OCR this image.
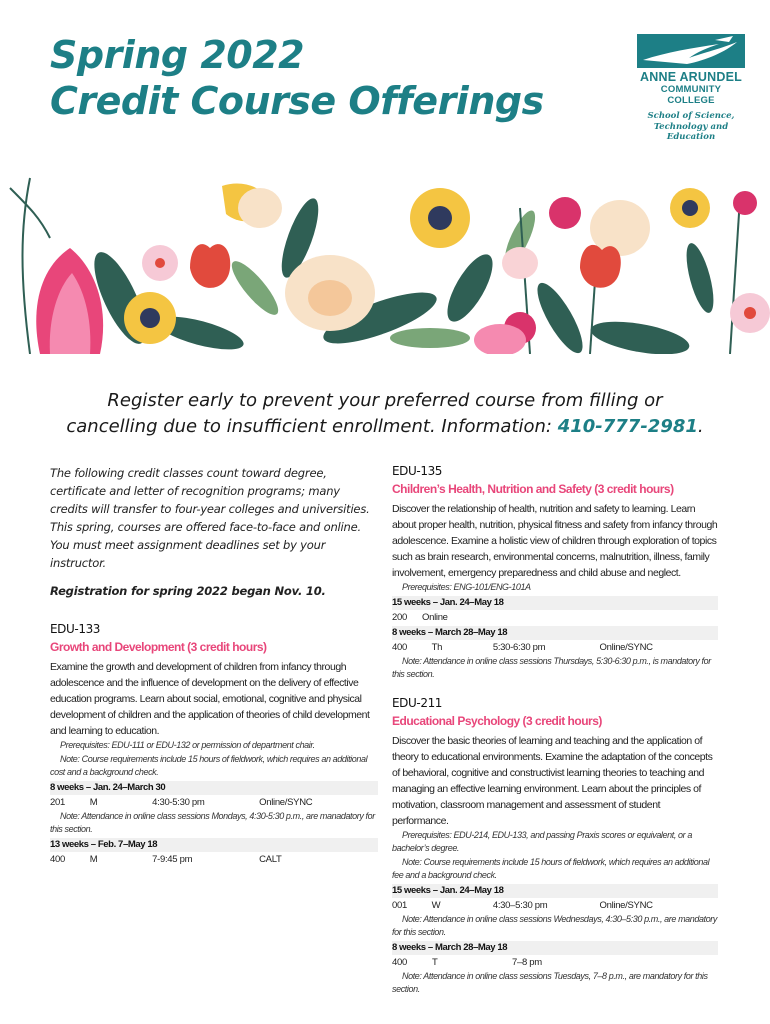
Spring 2022
Credit Course Offerings
ANNE ARUNDEL
COMMUNITY COLLEGE
School of Science,
Technology and
Education
Register early to prevent your preferred course from filling or
cancelling due to insufficient enrollment. Information: 410-777-2981.

The following credit classes count toward degree, certificate and letter of recognition programs; many credits will transfer to four-year colleges and universities. This spring, courses are offered face-to-face and online. You must meet assignment deadlines set by your instructor.

Registration for spring 2022 began Nov. 10.

EDU-133
Growth and Development (3 credit hours)

Examine the growth and development of children from infancy through adolescence and the influence of development on the delivery of effective education programs. Learn about social, emotional, cognitive and physical development of children and the application of theories of child development and learning to education.

Prerequisites: EDU-111 or EDU-132 or permission of department chair.

Note: Course requirements include 15 hours of fieldwork, which requires an additional cost and a background check.

8 weeks – Jan. 24–March 30
201	M	4:30-5:30 pm	Online/SYNC

Note: Attendance in online class sessions Mondays, 4:30-5:30 p.m., are manadatory for this section.

13 weeks – Feb. 7–May 18
400	M	7-9:45 pm	CALT
EDU-135
Children’s Health, Nutrition and Safety (3 credit hours)

Discover the relationship of health, nutrition and safety to learning. Learn about proper health, nutrition, physical fitness and safety from infancy through adolescence. Examine a holistic view of children through exploration of topics such as brain research, environmental concerns, malnutrition, illness, family involvement, emergency preparedness and child abuse and neglect.

Prerequisites: ENG-101/ENG-101A

15 weeks – Jan. 24–May 18
200	Online
8 weeks – March 28–May 18
400	Th	5:30-6:30 pm	Online/SYNC

Note: Attendance in online class sessions Thursdays, 5:30-6:30 p.m., is mandatory for this section.

EDU-211
Educational Psychology (3 credit hours)

Discover the basic theories of learning and teaching and the application of theory to educational environments. Examine the adaptation of the concepts of behavioral, cognitive and constructivist learning theories to teaching and managing an effective learning environment. Learn about the principles of motivation, classroom management and assessment of student performance.

Prerequisites: EDU-214, EDU-133, and passing Praxis scores or equivalent, or a bachelor’s degree.

Note: Course requirements include 15 hours of fieldwork, which requires an additional fee and a background check.

15 weeks – Jan. 24–May 18
001	W	4:30–5:30 pm	Online/SYNC

Note: Attendance in online class sessions Wednesdays, 4:30–5:30 p.m., are mandatory for this section.

8 weeks – March 28–May 18
400	T	7–8 pm

Note: Attendance in online class sessions Tuesdays, 7–8 p.m., are mandatory for this section.
